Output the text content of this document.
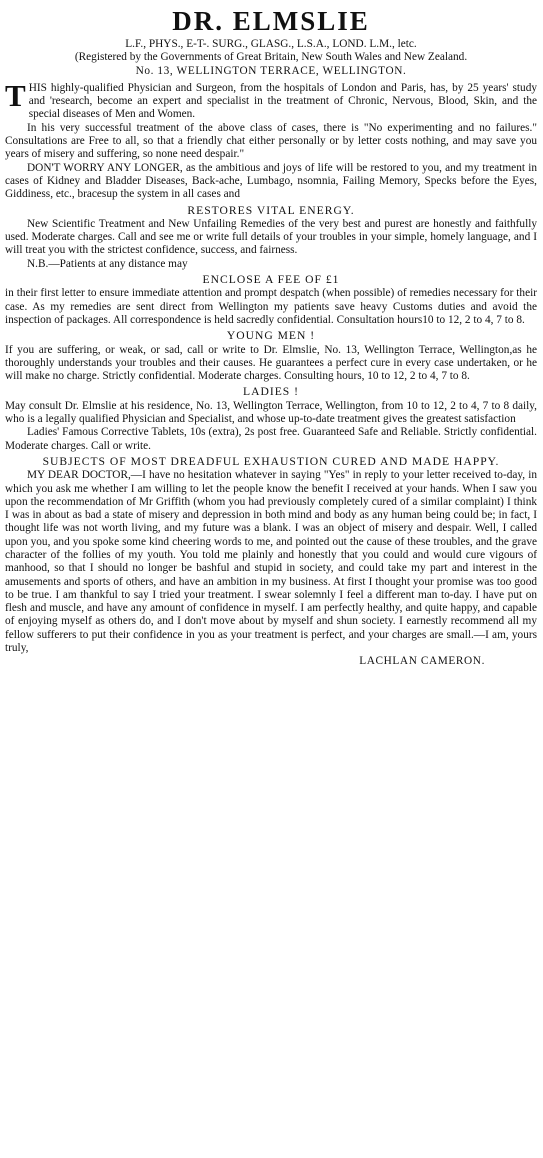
DR. ELMSLIE

L.F., PHYS., E-T-. SURG., GLASG., L.S.A., LOND. L.M., letc.

(Registered by the Governments of Great Britain, New South Wales and New Zealand.

No. 13, WELLINGTON TERRACE, WELLINGTON.

THIS highly-qualified Physician and Surgeon, from the hospitals of London and Paris, has, by 25 years' study and 'research, become an expert and specialist in the treatment of Chronic, Nervous, Blood, Skin, and the special diseases of Men and Women.

In his very successful treatment of the above class of cases, there is "No experimenting and no failures." Consultations are Free to all, so that a friendly chat either personally or by letter costs nothing, and may save you years of misery and suffering, so none need despair."

DON'T WORRY ANY LONGER, as the ambitious and joys of life will be restored to you, and my treatment in cases of Kidney and Bladder Diseases, Back-ache, Lumbago, nsomnia, Failing Memory, Specks before the Eyes, Giddiness, etc., bracesup the system in all cases and

RESTORES VITAL ENERGY.

New Scientific Treatment and New Unfailing Remedies of the very best and purest are honestly and faithfully used. Moderate charges. Call and see me or write full details of your troubles in your simple, homely language, and I will treat you with the strictest confidence, success, and fairness.

N.B.—Patients at any distance may

ENCLOSE A FEE OF £1

in their first letter to ensure immediate attention and prompt despatch (when possible) of remedies necessary for their case. As my remedies are sent direct from Wellington my patients save heavy Customs duties and avoid the inspection of packages. All correspondence is held sacredly confidential. Consultation hours10 to 12, 2 to 4, 7 to 8.

YOUNG MEN !

If you are suffering, or weak, or sad, call or write to Dr. Elmslie, No. 13, Wellington Terrace, Wellington,as he thoroughly understands your troubles and their causes. He guarantees a perfect cure in every case undertaken, or he will make no charge. Strictly confidential. Moderate charges. Consulting hours, 10 to 12, 2 to 4, 7 to 8.

LADIES !

May consult Dr. Elmslie at his residence, No. 13, Wellington Terrace, Wellington, from 10 to 12, 2 to 4, 7 to 8 daily, who is a legally qualified Physician and Specialist, and whose up-to-date treatment gives the greatest satisfaction

Ladies' Famous Corrective Tablets, 10s (extra), 2s post free. Guaranteed Safe and Reliable. Strictly confidential. Moderate charges. Call or write.

SUBJECTS OF MOST DREADFUL EXHAUSTION CURED AND MADE HAPPY.

MY DEAR DOCTOR,—I have no hesitation whatever in saying "Yes" in reply to your letter received to-day, in which you ask me whether I am willing to let the people know the benefit I received at your hands. When I saw you upon the recommendation of Mr Griffith (whom you had previously completely cured of a similar complaint) I think I was in about as bad a state of misery and depression in both mind and body as any human being could be; in fact, I thought life was not worth living, and my future was a blank. I was an object of misery and despair. Well, I called upon you, and you spoke some kind cheering words to me, and pointed out the cause of these troubles, and the grave character of the follies of my youth. You told me plainly and honestly that you could and would cure vigours of manhood, so that I should no longer be bashful and stupid in society, and could take my part and interest in the amusements and sports of others, and have an ambition in my business. At first I thought your promise was too good to be true. I am thankful to say I tried your treatment. I swear solemnly I feel a different man to-day. I have put on flesh and muscle, and have any amount of confidence in myself. I am perfectly healthy, and quite happy, and capable of enjoying myself as others do, and I don't move about by myself and shun society. I earnestly recommend all my fellow sufferers to put their confidence in you as your treatment is perfect, and your charges are small.—I am, yours truly,

LACHLAN CAMERON.
